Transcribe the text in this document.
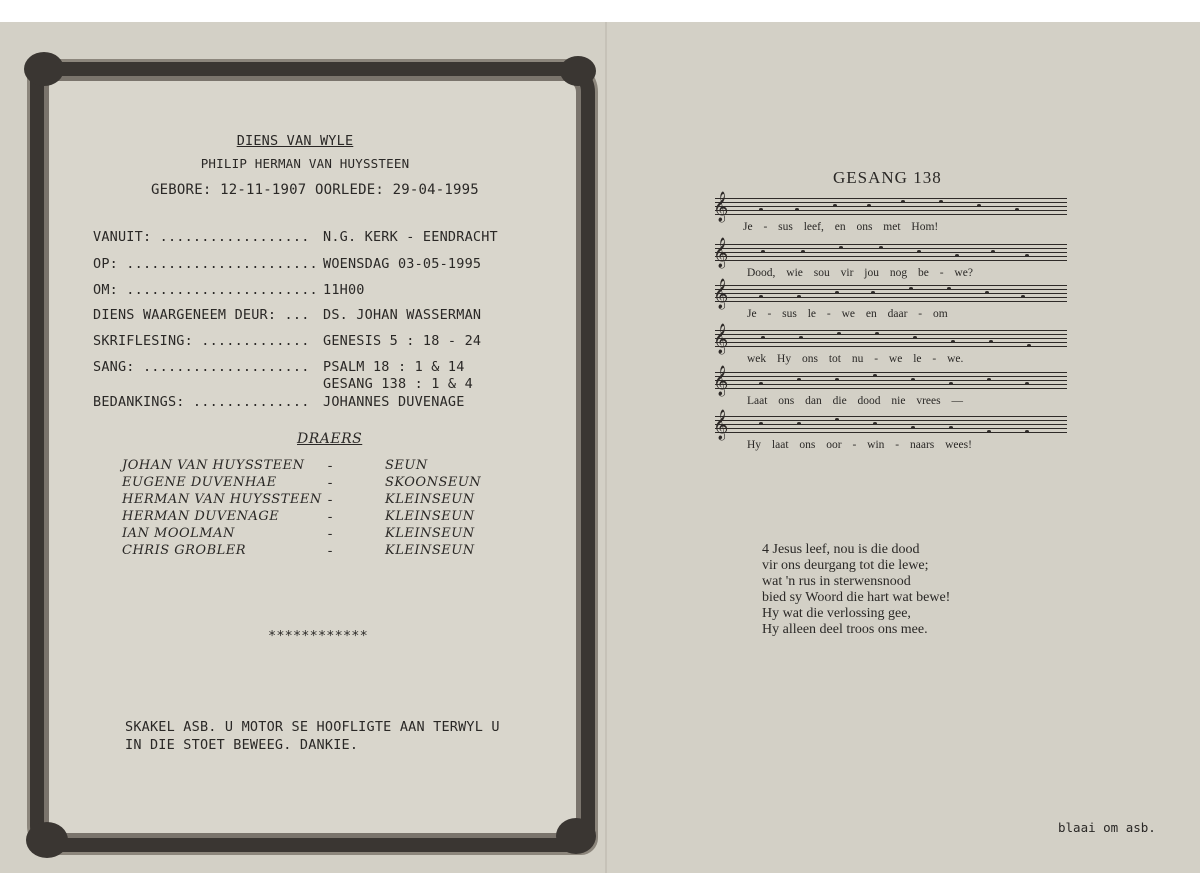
DIENS VAN WYLE
PHILIP HERMAN VAN HUYSSTEEN
GEBORE: 12-11-1907 OORLEDE: 29-04-1995
VANUIT: .................. N.G. KERK - EENDRACHT
OP: ....................... WOENSDAG 03-05-1995
OM: ....................... 11H00
DIENS WAARGENEEM DEUR: ... DS. JOHAN WASSERMAN
SKRIFLESING: ............. GENESIS 5 : 18 - 24
SANG: .................... PSALM 18 : 1 & 14
GESANG 138 : 1 & 4
BEDANKINGS: .............. JOHANNES DUVENAGE
DRAERS
JOHAN VAN HUYSSTEEN -	SEUN
EUGENE DUVENHAE	-	SKOONSEUN
HERMAN VAN HUYSSTEEN -	KLEINSEUN
HERMAN DUVENAGE	-	KLEINSEUN
IAN MOOLMAN	-	KLEINSEUN
CHRIS GROBLER	-	KLEINSEUN
************
SKAKEL ASB. U MOTOR SE HOOFLIGTE AAN TERWYL U
IN DIE STOET BEWEEG. DANKIE.
GESANG 138
𝄞
Je - sus leef, en ons met Hom!
𝄞
Dood, wie sou vir jou nog be - we?
𝄞
Je - sus le - we en daar - om
𝄞
wek Hy ons tot nu - we le - we.
𝄞
Laat ons dan die dood nie vrees —
𝄞
Hy laat ons oor - win - naars wees!
4 Jesus leef, nou is die dood
vir ons deurgang tot die lewe;
wat 'n rus in sterwensnood
bied sy Woord die hart wat bewe!
Hy wat die verlossing gee,
Hy alleen deel troos ons mee.
blaai om asb.
